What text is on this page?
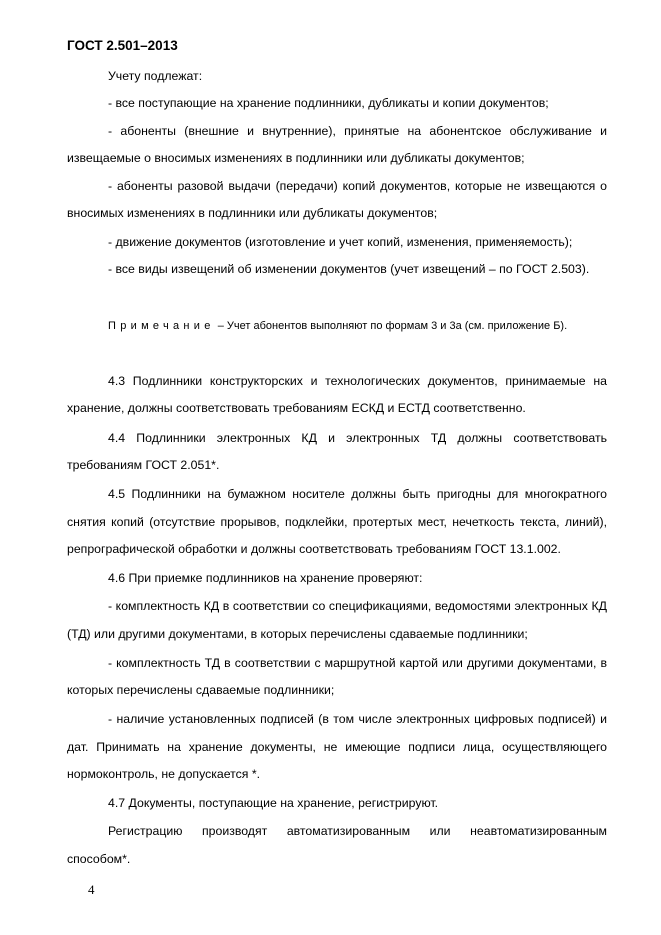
ГОСТ 2.501–2013
Учету подлежат:
- все поступающие на хранение подлинники, дубликаты и копии документов;
- абоненты (внешние и внутренние), принятые на абонентское обслуживание и
извещаемые о вносимых изменениях в подлинники или дубликаты документов;
- абоненты разовой выдачи (передачи) копий документов, которые не извещаются о
вносимых изменениях в подлинники или дубликаты документов;
- движение документов (изготовление и учет копий, изменения, применяемость);
- все виды извещений об изменении документов (учет извещений – по ГОСТ 2.503).
Примечание – Учет абонентов выполняют по формам 3 и 3а (см. приложение Б).
4.3 Подлинники конструкторских и технологических документов, принимаемые на
хранение, должны соответствовать требованиям ЕСКД и ЕСТД соответственно.
4.4 Подлинники электронных КД и электронных ТД должны соответствовать
требованиям ГОСТ 2.051*.
4.5 Подлинники на бумажном носителе должны быть пригодны для многократного
снятия копий (отсутствие прорывов, подклейки, протертых мест, нечеткость текста, линий),
репрографической обработки и должны соответствовать требованиям ГОСТ 13.1.002.
4.6 При приемке подлинников на хранение проверяют:
- комплектность КД в соответствии со спецификациями, ведомостями электронных КД
(ТД) или другими документами, в которых перечислены сдаваемые подлинники;
- комплектность ТД в соответствии с маршрутной картой или другими документами, в
которых перечислены сдаваемые подлинники;
- наличие установленных подписей (в том числе электронных цифровых подписей) и
дат. Принимать на хранение документы, не имеющие подписи лица, осуществляющего
нормоконтроль, не допускается *.
4.7 Документы, поступающие на хранение, регистрируют.
Регистрацию производят автоматизированным или неавтоматизированным
способом*.
4
